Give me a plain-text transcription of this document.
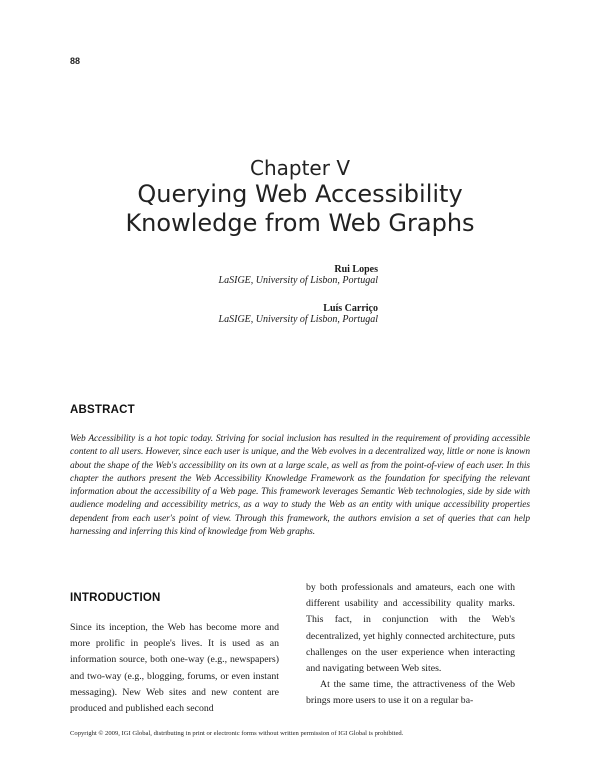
88
Chapter V
Querying Web Accessibility
Knowledge from Web Graphs
Rui Lopes
LaSIGE, University of Lisbon, Portugal
Luís Carriço
LaSIGE, University of Lisbon, Portugal
ABSTRACT
Web Accessibility is a hot topic today. Striving for social inclusion has resulted in the requirement of providing accessible content to all users. However, since each user is unique, and the Web evolves in a decentralized way, little or none is known about the shape of the Web's accessibility on its own at a large scale, as well as from the point-of-view of each user. In this chapter the authors present the Web Accessibility Knowledge Framework as the foundation for specifying the relevant information about the accessibility of a Web page. This framework leverages Semantic Web technologies, side by side with audience modeling and accessibility metrics, as a way to study the Web as an entity with unique accessibility properties dependent from each user's point of view. Through this framework, the authors envision a set of queries that can help harnessing and inferring this kind of knowledge from Web graphs.
INTRODUCTION

Since its inception, the Web has become more and more prolific in people's lives. It is used as an information source, both one-way (e.g., newspapers) and two-way (e.g., blogging, forums, or even instant messaging). New Web sites and new content are produced and published each second

by both professionals and amateurs, each one with different usability and accessibility quality marks. This fact, in conjunction with the Web's decentralized, yet highly connected architecture, puts challenges on the user experience when interacting and navigating between Web sites.

At the same time, the attractiveness of the Web brings more users to use it on a regular ba-

Copyright © 2009, IGI Global, distributing in print or electronic forms without written permission of IGI Global is prohibited.
